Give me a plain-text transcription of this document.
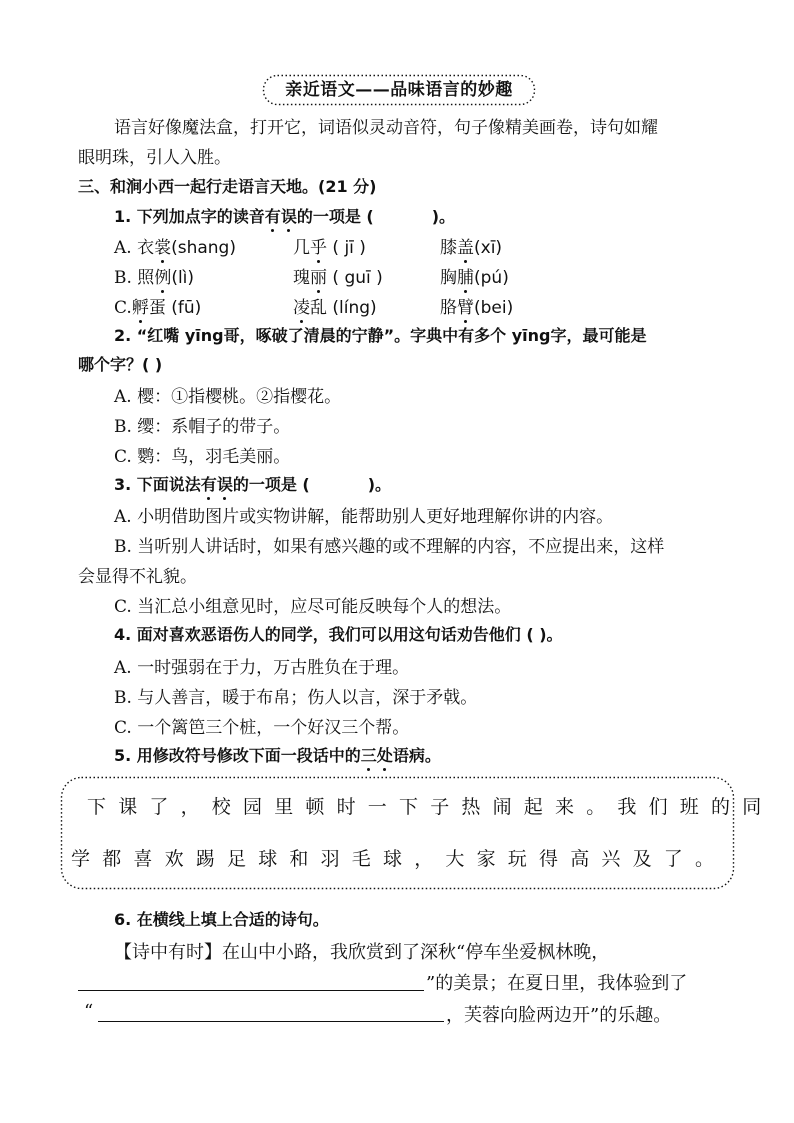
亲近语文——品味语言的妙趣
语言好像魔法盒，打开它，词语似灵动音符，句子像精美画卷，诗句如耀
眼明珠，引人入胜。
三、和涧小西一起行走语言天地。(21 分)
1. 下列加点字的读音有误的一项是 (	)。
A. 衣裳(shang)	几乎 ( jī )	膝盖(xī)
B. 照例(lì)	瑰丽 ( guī )	胸脯(pú)
C.孵蛋 (fū)	凌乱 (líng)	胳臂(bei)
2. “红嘴 yīng哥，啄破了清晨的宁静”。字典中有多个 yīng字，最可能是
哪个字？( )
A. 樱：①指樱桃。②指樱花。
B. 缨：系帽子的带子。
C. 鹦：鸟，羽毛美丽。
3. 下面说法有误的一项是 (	)。
A. 小明借助图片或实物讲解，能帮助别人更好地理解你讲的内容。
B. 当听别人讲话时，如果有感兴趣的或不理解的内容，不应提出来，这样
会显得不礼貌。
C. 当汇总小组意见时，应尽可能反映每个人的想法。
4. 面对喜欢恶语伤人的同学，我们可以用这句话劝告他们 ( )。
A. 一时强弱在于力，万古胜负在于理。
B. 与人善言，暖于布帛；伤人以言，深于矛戟。
C. 一个篱笆三个桩，一个好汉三个帮。
5. 用修改符号修改下面一段话中的三处语病。
下课了，校园里顿时一下子热闹起来。我们班的同
学都喜欢踢足球和羽毛球，大家玩得高兴及了。
6. 在横线上填上合适的诗句。
【诗中有时】在山中小路，我欣赏到了深秋“停车坐爱枫林晚，
”的美景；在夏日里，我体验到了
“	，芙蓉向脸两边开”的乐趣。
